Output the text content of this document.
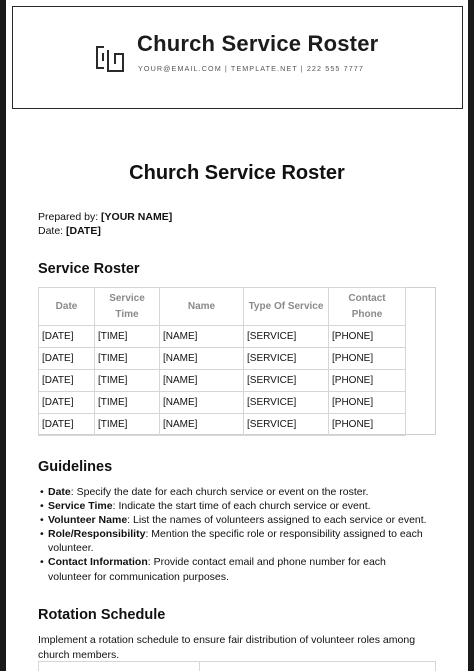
Church Service Roster
YOUR@EMAIL.COM | TEMPLATE.NET | 222 555 7777
Church Service Roster
Prepared by: [YOUR NAME]
Date: [DATE]
Service Roster
Date	Service Time	Name	Type Of Service	Contact Phone
[DATE]	[TIME]	[NAME]	[SERVICE]	[PHONE]
[DATE]	[TIME]	[NAME]	[SERVICE]	[PHONE]
[DATE]	[TIME]	[NAME]	[SERVICE]	[PHONE]
[DATE]	[TIME]	[NAME]	[SERVICE]	[PHONE]
[DATE]	[TIME]	[NAME]	[SERVICE]	[PHONE]
Guidelines
• Date: Specify the date for each church service or event on the roster.
• Service Time: Indicate the start time of each church service or event.
• Volunteer Name: List the names of volunteers assigned to each service or event.
• Role/Responsibility: Mention the specific role or responsibility assigned to each volunteer.
• Contact Information: Provide contact email and phone number for each volunteer for communication purposes.
Rotation Schedule
Implement a rotation schedule to ensure fair distribution of volunteer roles among church members.
